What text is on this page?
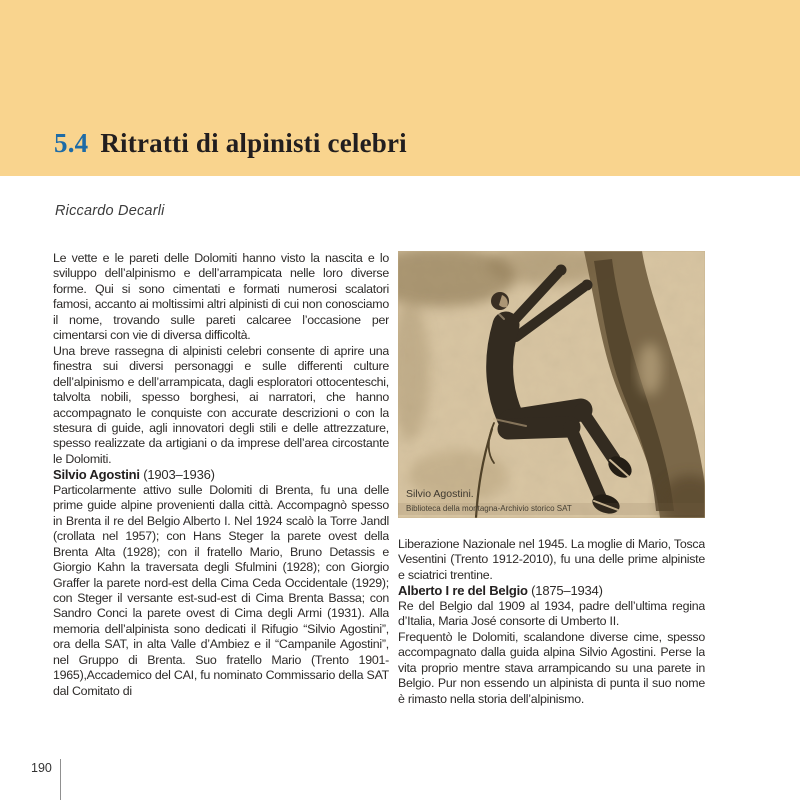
5.4 Ritratti di alpinisti celebri
Riccardo Decarli

Le vette e le pareti delle Dolomiti hanno visto la nascita e lo sviluppo dell’alpinismo e dell’arrampicata nelle loro diverse forme. Qui si sono cimentati e formati numerosi scalatori famosi, accanto ai moltissimi altri alpinisti di cui non conosciamo il nome, trovando sulle pareti calcaree l’occasione per cimentarsi con vie di diversa difficoltà.

Una breve rassegna di alpinisti celebri consente di aprire una finestra sui diversi personaggi e sulle differenti culture dell’alpinismo e dell’arrampicata, dagli esploratori ottocenteschi, talvolta nobili, spesso borghesi, ai narratori, che hanno accompagnato le conquiste con accurate descrizioni o con la stesura di guide, agli innovatori degli stili e delle attrezzature, spesso realizzate da artigiani o da imprese dell’area circostante le Dolomiti.

Silvio Agostini (1903–1936)

Particolarmente attivo sulle Dolomiti di Brenta, fu una delle prime guide alpine provenienti dalla città. Accompagnò spesso in Brenta il re del Belgio Alberto I. Nel 1924 scalò la Torre Jandl (crollata nel 1957); con Hans Steger la parete ovest della Brenta Alta (1928); con il fratello Mario, Bruno Detassis e Giorgio Kahn la traversata degli Sfulmini (1928); con Giorgio Graffer la parete nord-est della Cima Ceda Occidentale (1929); con Steger il versante est-sud-est di Cima Brenta Bassa; con Sandro Conci la parete ovest di Cima degli Armi (1931). Alla memoria dell’alpinista sono dedicati il Rifugio “Silvio Agostini”, ora della SAT, in alta Valle d’Ambiez e il “Campanile Agostini”, nel Gruppo di Brenta. Suo fratello Mario (Trento 1901-1965),Accademico del CAI, fu nominato Commissario della SAT dal Comitato di

Silvio Agostini.
Biblioteca della montagna-Archivio storico SAT

Liberazione Nazionale nel 1945. La moglie di Mario, Tosca Vesentini (Trento 1912-2010), fu una delle prime alpiniste e sciatrici trentine.

Alberto I re del Belgio (1875–1934)

Re del Belgio dal 1909 al 1934, padre dell’ultima regina d’Italia, Maria José consorte di Umberto II.

Frequentò le Dolomiti, scalandone diverse cime, spesso accompagnato dalla guida alpina Silvio Agostini. Perse la vita proprio mentre stava arrampicando su una parete in Belgio. Pur non essendo un alpinista di punta il suo nome è rimasto nella storia dell’alpinismo.

190
